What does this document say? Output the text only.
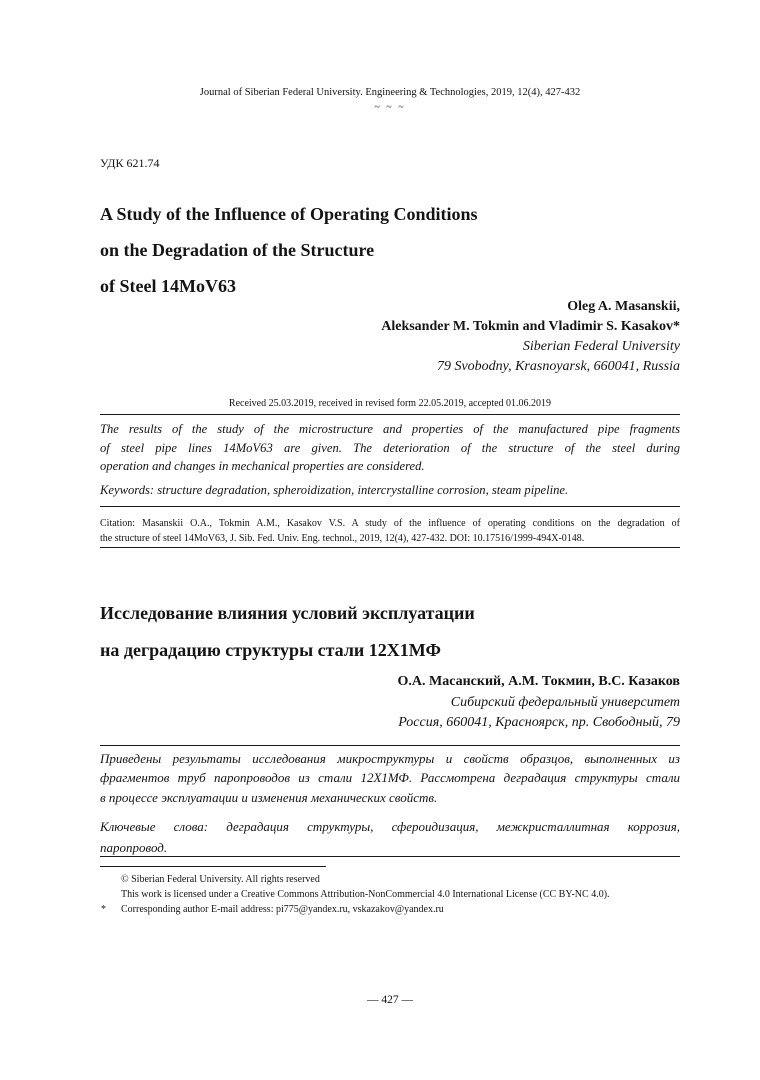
Journal of Siberian Federal University. Engineering & Technologies, 2019, 12(4), 427-432
~ ~ ~
УДК 621.74
A Study of the Influence of Operating Conditions
on the Degradation of the Structure
of Steel 14MoV63
Oleg A. Masanskii,
Aleksander M. Tokmin and Vladimir S. Kasakov*
Siberian Federal University
79 Svobodny, Krasnoyarsk, 660041, Russia
Received 25.03.2019, received in revised form 22.05.2019, accepted 01.06.2019
The results of the study of the microstructure and properties of the manufactured pipe fragments
of steel pipe lines 14MoV63 are given. The deterioration of the structure of the steel during
operation and changes in mechanical properties are considered.
Keywords: structure degradation, spheroidization, intercrystalline corrosion, steam pipeline.
Citation: Masanskii O.A., Tokmin A.M., Kasakov V.S. A study of the influence of operating conditions on the degradation of
the structure of steel 14MoV63, J. Sib. Fed. Univ. Eng. technol., 2019, 12(4), 427-432. DOI: 10.17516/1999-494X-0148.
Исследование влияния условий эксплуатации
на деградацию структуры стали 12Х1МФ
О.А. Масанский, А.М. Токмин, В.С. Казаков
Сибирский федеральный университет
Россия, 660041, Красноярск, пр. Свободный, 79
Приведены результаты исследования микроструктуры и свойств образцов, выполненных из
фрагментов труб паропроводов из стали 12Х1МФ. Рассмотрена деградация структуры стали
в процессе эксплуатации и изменения механических свойств.
Ключевые слова: деградация структуры, сфероидизация, межкристаллитная коррозия,
паропровод.
© Siberian Federal University. All rights reserved
This work is licensed under a Creative Commons Attribution-NonCommercial 4.0 International License (CC BY-NC 4.0).
* Corresponding author E-mail address: pi775@yandex.ru, vskazakov@yandex.ru
— 427 —
